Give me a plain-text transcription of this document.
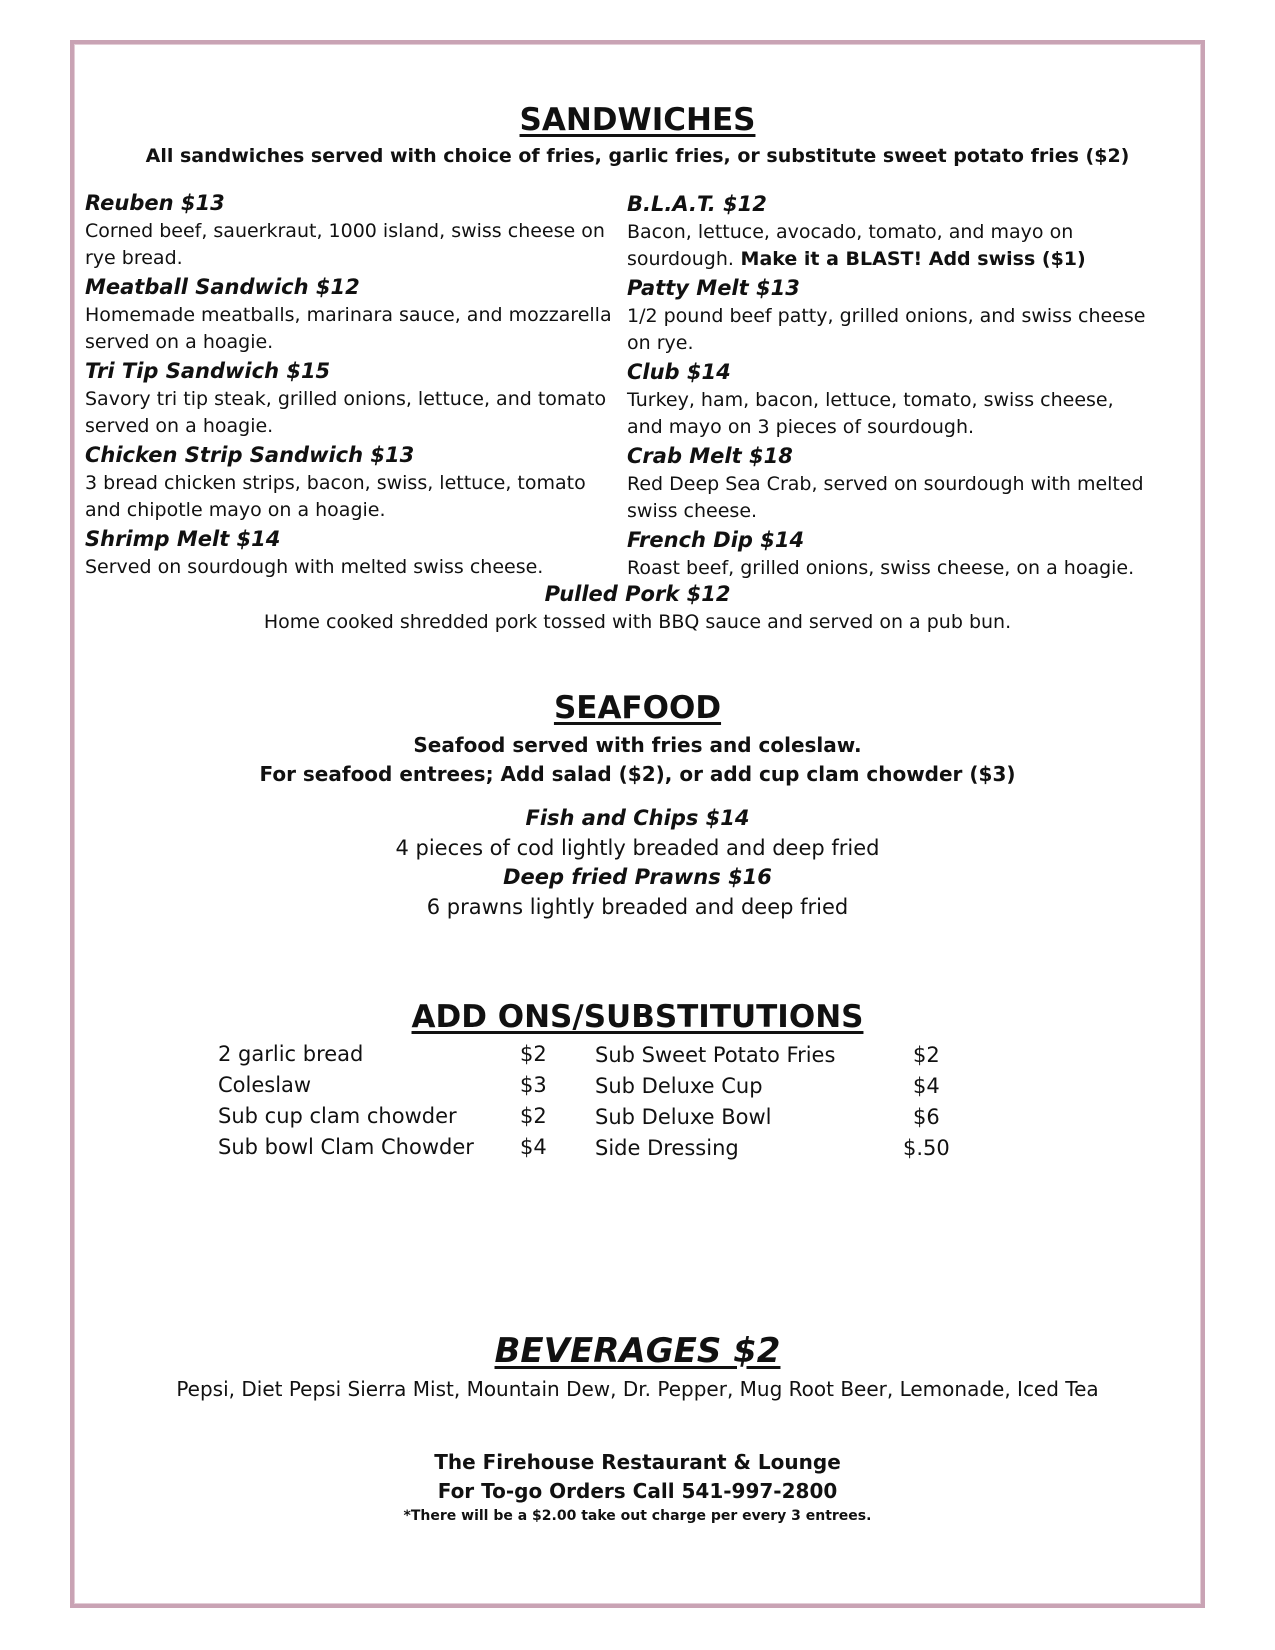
SANDWICHES
All sandwiches served with choice of fries, garlic fries, or substitute sweet potato fries ($2)
Reuben $13
Corned beef, sauerkraut, 1000 island, swiss cheese on rye bread.
Meatball Sandwich $12
Homemade meatballs, marinara sauce, and mozzarella served on a hoagie.
Tri Tip Sandwich $15
Savory tri tip steak, grilled onions, lettuce, and tomato served on a hoagie.
Chicken Strip Sandwich $13
3 bread chicken strips, bacon, swiss, lettuce, tomato and chipotle mayo on a hoagie.
Shrimp Melt $14
Served on sourdough with melted swiss cheese.
B.L.A.T. $12
Bacon, lettuce, avocado, tomato, and mayo on sourdough. Make it a BLAST! Add swiss ($1)
Patty Melt $13
1/2 pound beef patty, grilled onions, and swiss cheese on rye.
Club $14
Turkey, ham, bacon, lettuce, tomato, swiss cheese, and mayo on 3 pieces of sourdough.
Crab Melt $18
Red Deep Sea Crab, served on sourdough with melted swiss cheese.
French Dip $14
Roast beef, grilled onions, swiss cheese, on a hoagie.
Pulled Pork $12
Home cooked shredded pork tossed with BBQ sauce and served on a pub bun.
SEAFOOD
Seafood served with fries and coleslaw.
For seafood entrees; Add salad ($2), or add cup clam chowder ($3)
Fish and Chips $14
4 pieces of cod lightly breaded and deep fried
Deep fried Prawns $16
6 prawns lightly breaded and deep fried
ADD ONS/SUBSTITUTIONS
2 garlic bread	$2
Coleslaw	$3
Sub cup clam chowder	$2
Sub bowl Clam Chowder $4
Sub Sweet Potato Fries	$2
Sub Deluxe Cup	$4
Sub Deluxe Bowl	$6
Side Dressing	$.50
BEVERAGES $2
Pepsi, Diet Pepsi Sierra Mist, Mountain Dew, Dr. Pepper, Mug Root Beer, Lemonade, Iced Tea
The Firehouse Restaurant & Lounge
For To-go Orders Call 541-997-2800
*There will be a $2.00 take out charge per every 3 entrees.
